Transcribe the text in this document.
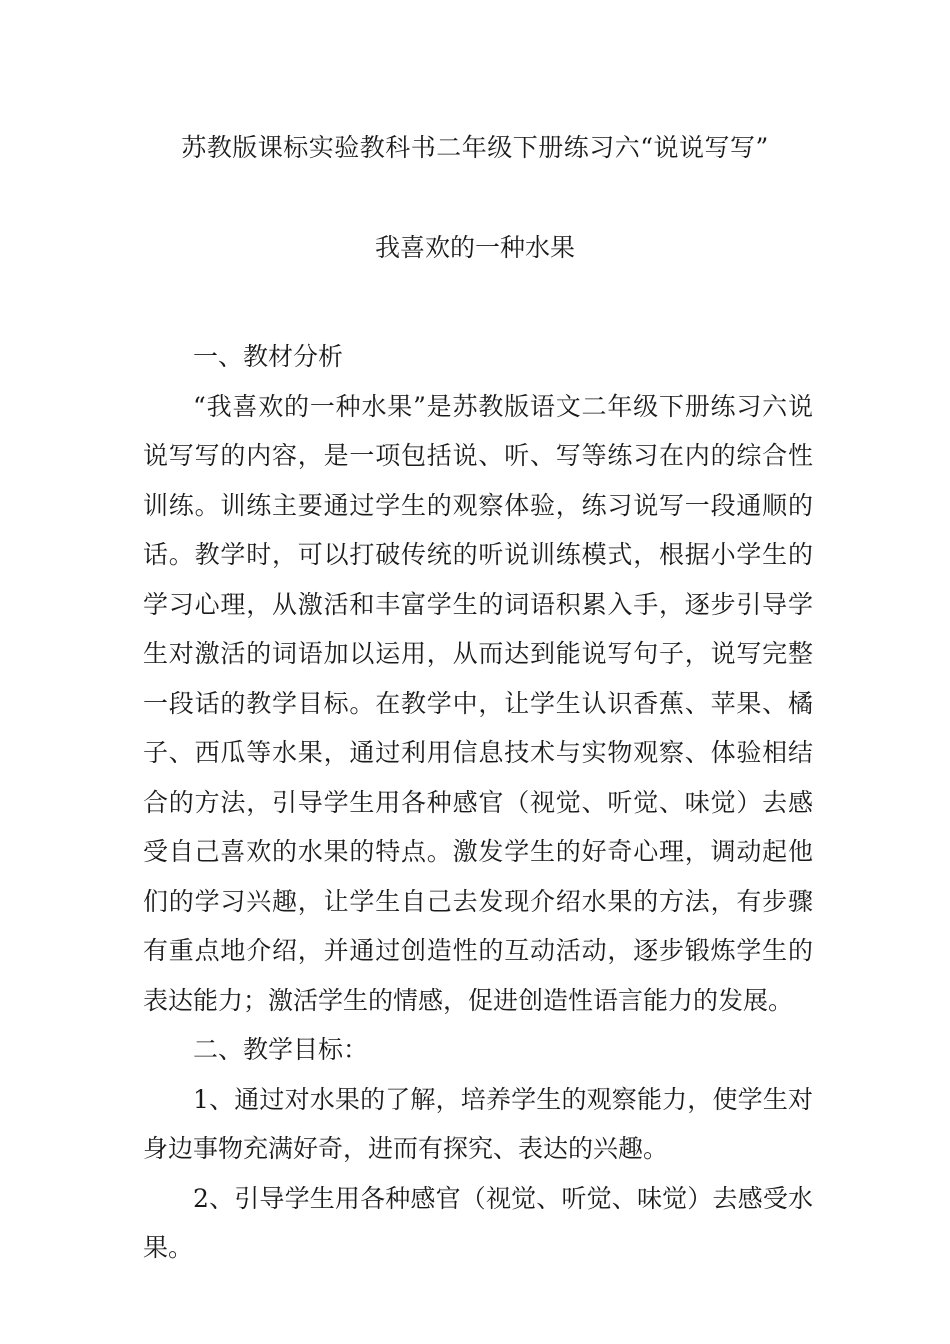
苏教版课标实验教科书二年级下册练习六“说说写写”
我喜欢的一种水果

一、教材分析

“我喜欢的一种水果”是苏教版语文二年级下册练习六说说写写的内容，是一项包括说、听、写等练习在内的综合性训练。训练主要通过学生的观察体验，练习说写一段通顺的话。教学时，可以打破传统的听说训练模式，根据小学生的学习心理，从激活和丰富学生的词语积累入手，逐步引导学生对激活的词语加以运用，从而达到能说写句子，说写完整一段话的教学目标。在教学中，让学生认识香蕉、苹果、橘子、西瓜等水果，通过利用信息技术与实物观察、体验相结合的方法，引导学生用各种感官（视觉、听觉、味觉）去感受自己喜欢的水果的特点。激发学生的好奇心理，调动起他们的学习兴趣，让学生自己去发现介绍水果的方法，有步骤有重点地介绍，并通过创造性的互动活动，逐步锻炼学生的表达能力；激活学生的情感，促进创造性语言能力的发展。

二、教学目标：

1、通过对水果的了解，培养学生的观察能力，使学生对身边事物充满好奇，进而有探究、表达的兴趣。

2、引导学生用各种感官（视觉、听觉、味觉）去感受水果。
